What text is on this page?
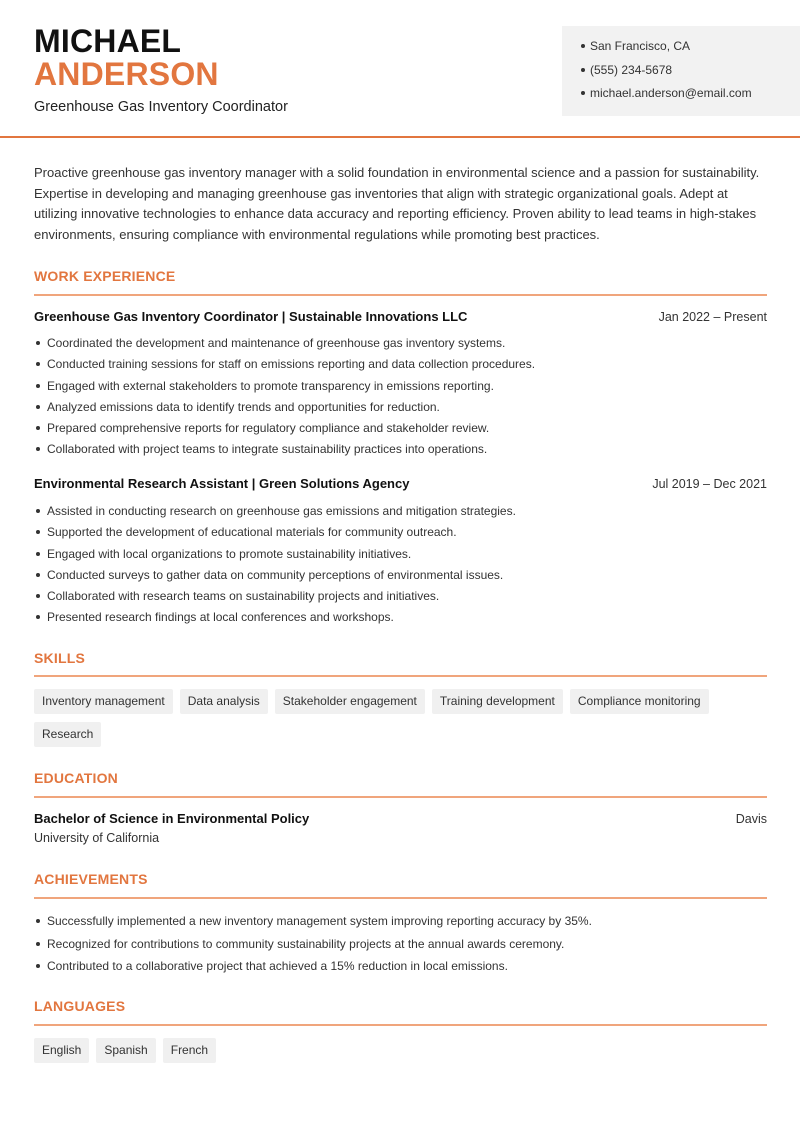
MICHAEL
ANDERSON
Greenhouse Gas Inventory Coordinator
San Francisco, CA
(555) 234-5678
michael.anderson@email.com
Proactive greenhouse gas inventory manager with a solid foundation in environmental science and a passion for sustainability. Expertise in developing and managing greenhouse gas inventories that align with strategic organizational goals. Adept at utilizing innovative technologies to enhance data accuracy and reporting efficiency. Proven ability to lead teams in high-stakes environments, ensuring compliance with environmental regulations while promoting best practices.
WORK EXPERIENCE
Greenhouse Gas Inventory Coordinator | Sustainable Innovations LLC	Jan 2022 – Present
Coordinated the development and maintenance of greenhouse gas inventory systems.
Conducted training sessions for staff on emissions reporting and data collection procedures.
Engaged with external stakeholders to promote transparency in emissions reporting.
Analyzed emissions data to identify trends and opportunities for reduction.
Prepared comprehensive reports for regulatory compliance and stakeholder review.
Collaborated with project teams to integrate sustainability practices into operations.
Environmental Research Assistant | Green Solutions Agency	Jul 2019 – Dec 2021
Assisted in conducting research on greenhouse gas emissions and mitigation strategies.
Supported the development of educational materials for community outreach.
Engaged with local organizations to promote sustainability initiatives.
Conducted surveys to gather data on community perceptions of environmental issues.
Collaborated with research teams on sustainability projects and initiatives.
Presented research findings at local conferences and workshops.
SKILLS
Inventory management	Data analysis	Stakeholder engagement	Training development	Compliance monitoring
Research
EDUCATION
Bachelor of Science in Environmental Policy
University of California
Davis
ACHIEVEMENTS
Successfully implemented a new inventory management system improving reporting accuracy by 35%.
Recognized for contributions to community sustainability projects at the annual awards ceremony.
Contributed to a collaborative project that achieved a 15% reduction in local emissions.
LANGUAGES
English	Spanish	French
